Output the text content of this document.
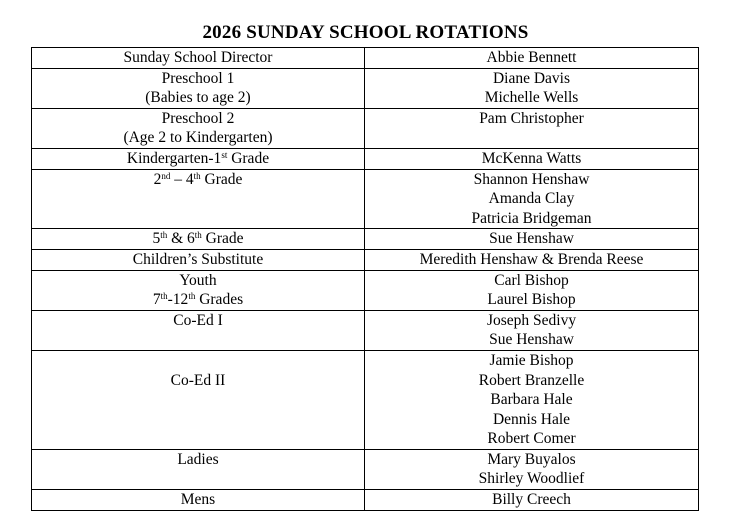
2026 SUNDAY SCHOOL ROTATIONS
Sunday School Director	Abbie Bennett

Preschool 1
(Babies to age 2)	Diane Davis
Michelle Wells

Preschool 2
(Age 2 to Kindergarten)	Pam Christopher

Kindergarten-1st Grade	McKenna Watts

2nd – 4th Grade	Shannon Henshaw
Amanda Clay
Patricia Bridgeman

5th & 6th Grade	Sue Henshaw

Children’s Substitute	Meredith Henshaw & Brenda Reese

Youth
7th-12th Grades	Carl Bishop
Laurel Bishop

Co-Ed I	Joseph Sedivy
Sue Henshaw

Co-Ed II	Jamie Bishop
Robert Branzelle
Barbara Hale
Dennis Hale
Robert Comer

Ladies	Mary Buyalos
Shirley Woodlief

Mens	Billy Creech
